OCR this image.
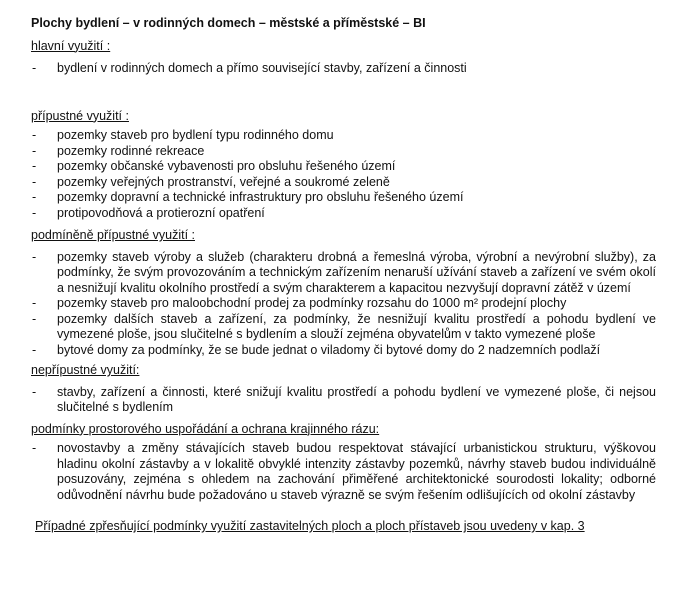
Plochy bydlení – v rodinných domech – městské a příměstské – BI

hlavní využití :

- bydlení v rodinných domech a přímo související stavby, zařízení a činnosti

přípustné využití :

- pozemky staveb pro bydlení typu rodinného domu
- pozemky rodinné rekreace
- pozemky občanské vybavenosti pro obsluhu řešeného území
- pozemky veřejných prostranství, veřejné a soukromé zeleně
- pozemky dopravní a technické infrastruktury pro obsluhu řešeného území
- protipovodňová a protierozní opatření

podmíněně přípustné využití :

- pozemky staveb výroby a služeb (charakteru drobná a řemeslná výroba, výrobní a nevýrobní služby), za podmínky, že svým provozováním a technickým zařízením nenaruší užívání staveb a zařízení ve svém okolí a nesnižují kvalitu okolního prostředí a svým charakterem a kapacitou nezvyšují dopravní zátěž v území
- pozemky staveb pro maloobchodní prodej za podmínky rozsahu do 1000 m² prodejní plochy
- pozemky dalších staveb a zařízení, za podmínky, že nesnižují kvalitu prostředí a pohodu bydlení ve vymezené ploše, jsou slučitelné s bydlením a slouží zejména obyvatelům v takto vymezené ploše
- bytové domy za podmínky, že se bude jednat o viladomy či bytové domy do 2 nadzemních podlaží

nepřípustné využití:

- stavby, zařízení a činnosti, které snižují kvalitu prostředí a pohodu bydlení ve vymezené ploše, či nejsou slučitelné s bydlením

podmínky prostorového uspořádání a ochrana krajinného rázu:

- novostavby a změny stávajících staveb budou respektovat stávající urbanistickou strukturu, výškovou hladinu okolní zástavby a v lokalitě obvyklé intenzity zástavby pozemků, návrhy staveb budou individuálně posuzovány, zejména s ohledem na zachování přiměřené architektonické sourodosti lokality; odborné odůvodnění návrhu bude požadováno u staveb výrazně se svým řešením odlišujících od okolní zástavby

Případné zpřesňující podmínky využití zastavitelných ploch a ploch přístaveb jsou uvedeny v kap. 3
